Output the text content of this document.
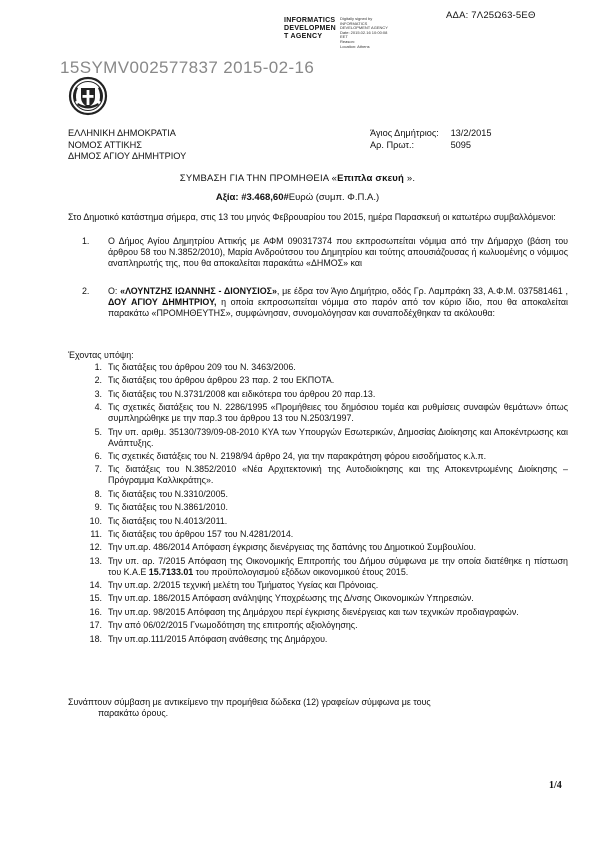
ΑΔΑ: 7Λ25Ω63-5ΕΘ
INFORMATICS
DEVELOPMEN
T AGENCY
Digitally signed by
INFORMATICS
DEVELOPMENT AGENCY
Date: 2015.02.16 10:00:08
EET
Reason:
Location: Athens
15SYMV002577837 2015-02-16
ΕΛΛΗΝΙΚΗ ΔΗΜΟΚΡΑΤΙΑ
ΝΟΜΟΣ ΑΤΤΙΚΗΣ
ΔΗΜΟΣ ΑΓΙΟΥ ΔΗΜΗΤΡΙΟΥ
Άγιος Δημήτριος: 13/2/2015
Αρ. Πρωτ.:	5095
ΣΥΜΒΑΣΗ ΓΙΑ ΤΗΝ ΠΡΟΜΗΘΕΙΑ «Επιπλα σκευή ».
Αξία: #3.468,60#Ευρώ (συμπ. Φ.Π.Α.)
Στο Δημοτικό κατάστημα σήμερα, στις 13 του μηνός Φεβρουαρίου του 2015, ημέρα Παρασκευή οι κατωτέρω συμβαλλόμενοι:
1. Ο Δήμος Αγίου Δημητρίου Αττικής με ΑΦΜ 090317374 που εκπροσωπείται νόμιμα από την Δήμαρχο (βάση του άρθρου 58 του Ν.3852/2010), Μαρία Ανδρούτσου του Δημητρίου και τούτης απουσιάζουσας ή κωλυομένης ο νόμιμος αναπληρωτής της, που θα αποκαλείται παρακάτω «ΔΗΜΟΣ» και
2. Ο: «ΛΟΥΝΤΖΗΣ ΙΩΑΝΝΗΣ - ΔΙΟΝΥΣΙΟΣ», με έδρα τον Άγιο Δημήτριο, οδός Γρ. Λαμπράκη 33, Α.Φ.Μ. 037581461 , ΔΟΥ ΑΓΙΟΥ ΔΗΜΗΤΡΙΟΥ, η οποία εκπροσωπείται νόμιμα στο παρόν από τον κύριο ίδιο, που θα αποκαλείται παρακάτω «ΠΡΟΜΗΘΕΥΤΗΣ», συμφώνησαν, συνομολόγησαν και συναποδέχθηκαν τα ακόλουθα:
Έχοντας υπόψη:
1. Τις διατάξεις του άρθρου 209 του Ν. 3463/2006.
2. Τις διατάξεις του άρθρου άρθρου 23 παρ. 2 του ΕΚΠΟΤΑ.
3. Τις διατάξεις του Ν.3731/2008 και ειδικότερα του άρθρου 20 παρ.13.
4. Τις σχετικές διατάξεις του Ν. 2286/1995 «Προμήθειες του δημόσιου τομέα και ρυθμίσεις συναφών θεμάτων» όπως συμπληρώθηκε με την παρ.3 του άρθρου 13 του Ν.2503/1997.
5. Την υπ. αριθμ. 35130/739/09-08-2010 ΚΥΑ των Υπουργών Εσωτερικών, Δημοσίας Διοίκησης και Αποκέντρωσης και Ανάπτυξης.
6. Τις σχετικές διατάξεις του Ν. 2198/94 άρθρο 24, για την παρακράτηση φόρου εισοδήματος κ.λ.π.
7. Τις διατάξεις του Ν.3852/2010 «Νέα Αρχιτεκτονική της Αυτοδιοίκησης και της Αποκεντρωμένης Διοίκησης – Πρόγραμμα Καλλικράτης».
8. Τις διατάξεις του Ν.3310/2005.
9. Τις διατάξεις του Ν.3861/2010.
10. Τις διατάξεις του Ν.4013/2011.
11. Τις διατάξεις του άρθρου 157 του Ν.4281/2014.
12. Την υπ.αρ. 486/2014 Απόφαση έγκρισης διενέργειας της δαπάνης του Δημοτικού Συμβουλίου.
13. Την υπ. αρ. 7/2015 Απόφαση της Οικονομικής Επιτροπής του Δήμου σύμφωνα με την οποία διατέθηκε η πίστωση του Κ.Α.Ε 15.7133.01 του προϋπολογισμού εξόδων οικονομικού έτους 2015.
14. Την υπ.αρ. 2/2015 τεχνική μελέτη του Τμήματος Υγείας και Πρόνοιας.
15. Την υπ.αρ. 186/2015 Απόφαση ανάληψης Υποχρέωσης της Δ/νσης Οικονομικών Υπηρεσιών.
16. Την υπ.αρ. 98/2015 Απόφαση της Δημάρχου περί έγκρισης διενέργειας και των τεχνικών προδιαγραφών.
17. Την από 06/02/2015 Γνωμοδότηση της επιτροπής αξιολόγησης.
18. Την υπ.αρ.111/2015 Απόφαση ανάθεσης της Δημάρχου.
Συνάπτουν σύμβαση με αντικείμενο την προμήθεια δώδεκα (12) γραφείων σύμφωνα με τους
παρακάτω όρους.
1/4
